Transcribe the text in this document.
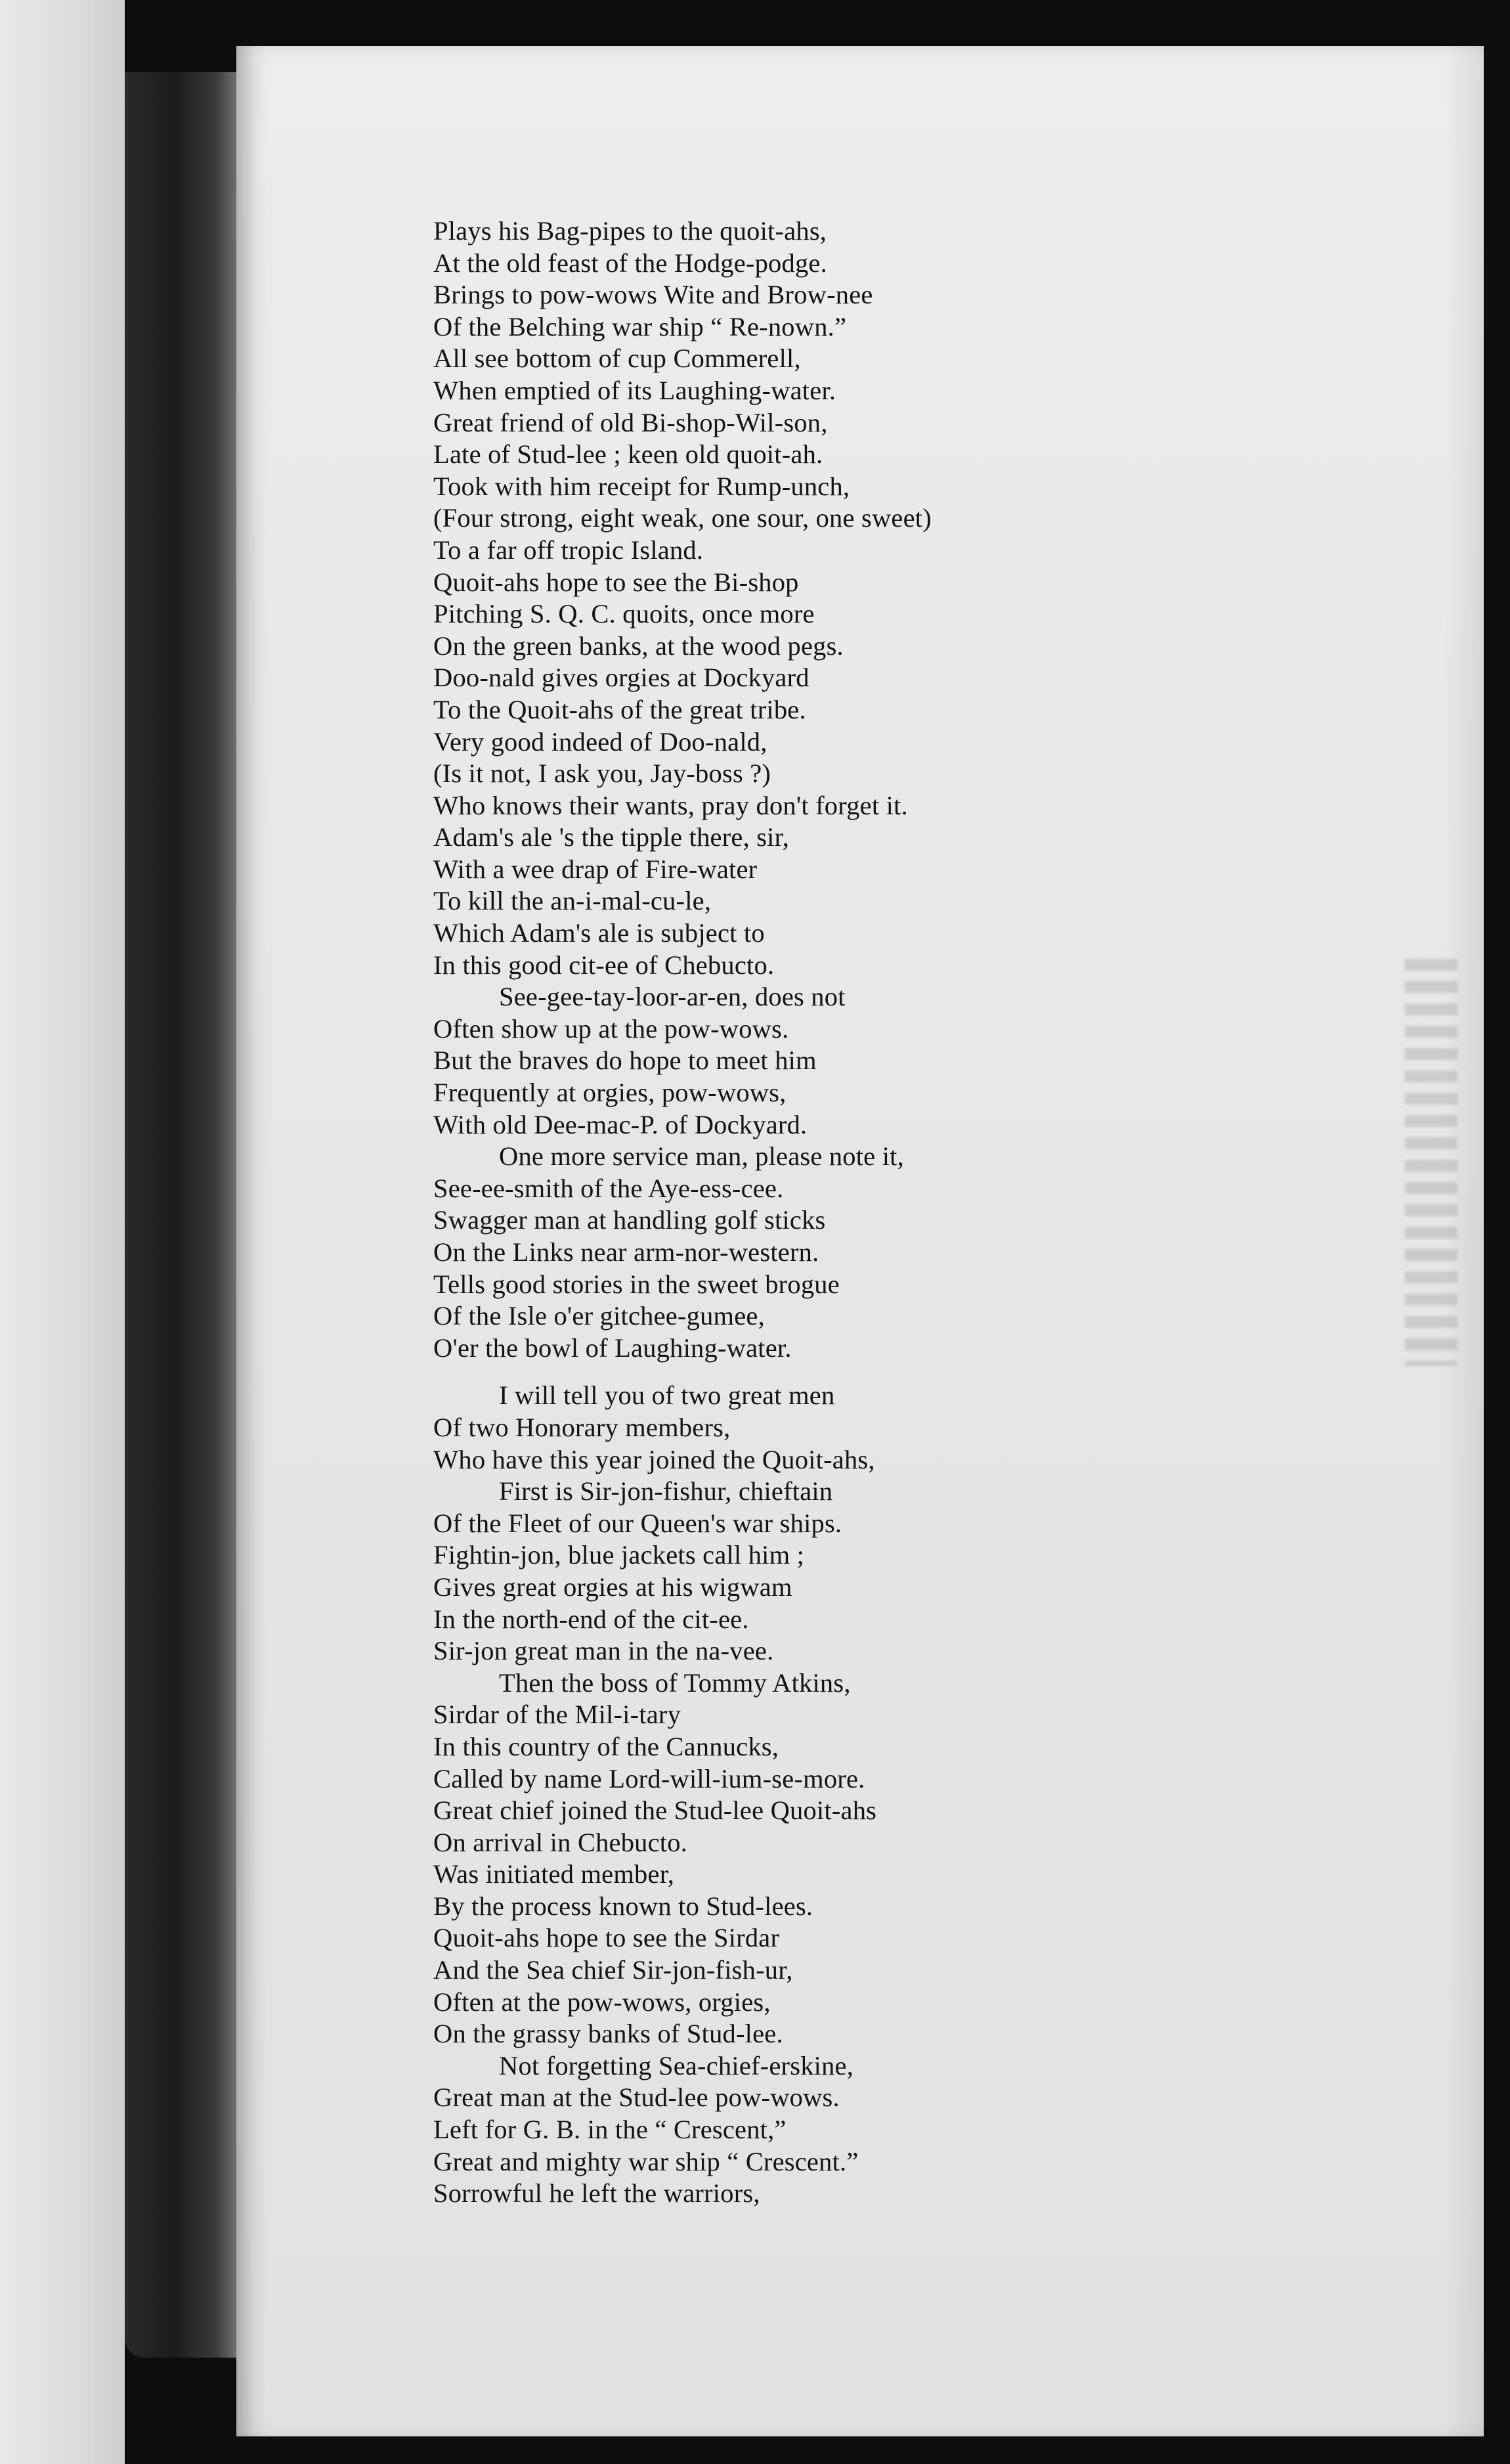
Plays his Bag-pipes to the quoit-ahs,
At the old feast of the Hodge-podge.
Brings to pow-wows Wite and Brow-nee
Of the Belching war ship “ Re-nown.”
All see bottom of cup Commerell,
When emptied of its Laughing-water.
Great friend of old Bi-shop-Wil-son,
Late of Stud-lee ; keen old quoit-ah.
Took with him receipt for Rump-unch,
(Four strong, eight weak, one sour, one sweet)
To a far off tropic Island.
Quoit-ahs hope to see the Bi-shop
Pitching S. Q. C. quoits, once more
On the green banks, at the wood pegs.
Doo-nald gives orgies at Dockyard
To the Quoit-ahs of the great tribe.
Very good indeed of Doo-nald,
(Is it not, I ask you, Jay-boss ?)
Who knows their wants, pray don't forget it.
Adam's ale 's the tipple there, sir,
With a wee drap of Fire-water
To kill the an-i-mal-cu-le,
Which Adam's ale is subject to
In this good cit-ee of Chebucto.
See-gee-tay-loor-ar-en, does not
Often show up at the pow-wows.
But the braves do hope to meet him
Frequently at orgies, pow-wows,
With old Dee-mac-P. of Dockyard.
One more service man, please note it,
See-ee-smith of the Aye-ess-cee.
Swagger man at handling golf sticks
On the Links near arm-nor-western.
Tells good stories in the sweet brogue
Of the Isle o'er gitchee-gumee,
O'er the bowl of Laughing-water.
I will tell you of two great men
Of two Honorary members,
Who have this year joined the Quoit-ahs,
First is Sir-jon-fishur, chieftain
Of the Fleet of our Queen's war ships.
Fightin-jon, blue jackets call him ;
Gives great orgies at his wigwam
In the north-end of the cit-ee.
Sir-jon great man in the na-vee.
Then the boss of Tommy Atkins,
Sirdar of the Mil-i-tary
In this country of the Cannucks,
Called by name Lord-will-ium-se-more.
Great chief joined the Stud-lee Quoit-ahs
On arrival in Chebucto.
Was initiated member,
By the process known to Stud-lees.
Quoit-ahs hope to see the Sirdar
And the Sea chief Sir-jon-fish-ur,
Often at the pow-wows, orgies,
On the grassy banks of Stud-lee.
Not forgetting Sea-chief-erskine,
Great man at the Stud-lee pow-wows.
Left for G. B. in the “ Crescent,”
Great and mighty war ship “ Crescent.”
Sorrowful he left the warriors,
